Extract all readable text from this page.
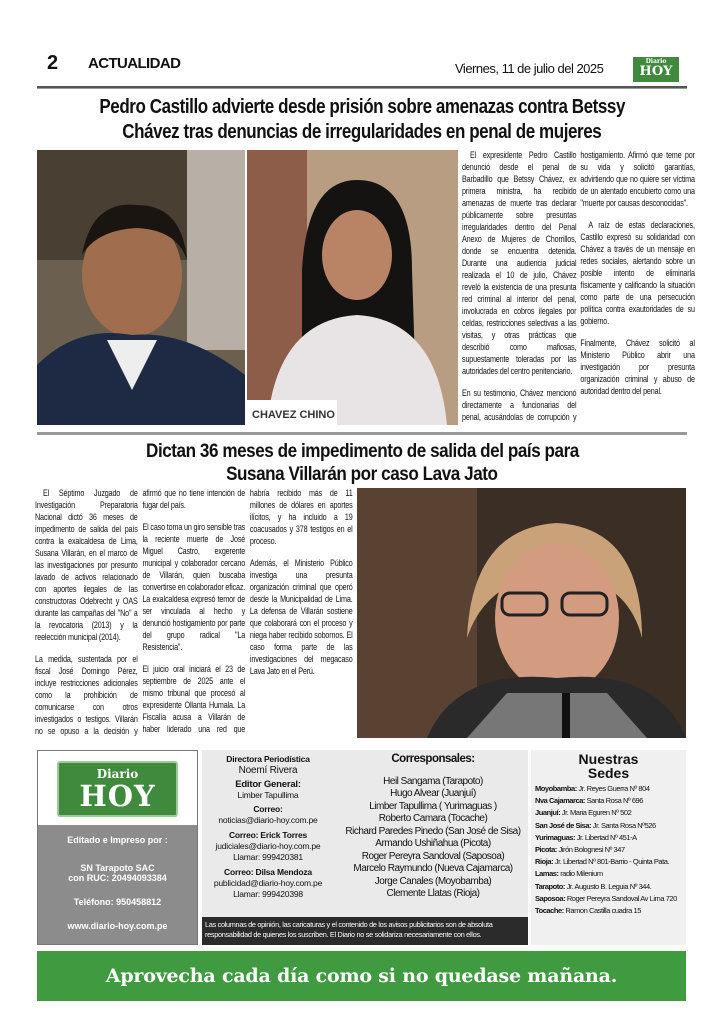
2 ACTUALIDAD	Viernes, 11 de julio del 2025	Diario
HOY
Pedro Castillo advierte desde prisión sobre amenazas contra Betssy
Chávez tras denuncias de irregularidades en penal de mujeres
CHAVEZ CHINO

El expresidente Pedro Castillo denunció desde el penal de Barbadillo que Betssy Chávez, ex primera ministra, ha recibido amenazas de muerte tras declarar públicamente sobre presuntas irregularidades dentro del Penal Anexo de Mujeres de Chorrillos, donde se encuentra detenida. Durante una audiencia judicial realizada el 10 de julio, Chávez reveló la existencia de una presunta red criminal al interior del penal, involucrada en cobros ilegales por celdas, restricciones selectivas a las visitas, y otras prácticas que describió como mafiosas, supuestamente toleradas por las autoridades del centro penitenciario.

En su testimonio, Chávez mencionó directamente a funcionarias del penal, acusándolas de corrupción y hostigamiento. Afirmó que teme por su vida y solicitó garantías, advirtiendo que no quiere ser víctima de un atentado encubierto como una "muerte por causas desconocidas".

A raíz de estas declaraciones, Castillo expresó su solidaridad con Chávez a través de un mensaje en redes sociales, alertando sobre un posible intento de eliminarla físicamente y calificando la situación como parte de una persecución política contra exautoridades de su gobierno.

Finalmente, Chávez solicitó al Ministerio Público abrir una investigación por presunta organización criminal y abuso de autoridad dentro del penal.

Dictan 36 meses de impedimento de salida del país para
Susana Villarán por caso Lava Jato

El Séptimo Juzgado de Investigación Preparatoria Nacional dictó 36 meses de impedimento de salida del país contra la exalcaldesa de Lima, Susana Villarán, en el marco de las investigaciones por presunto lavado de activos relacionado con aportes ilegales de las constructoras Odebrecht y OAS durante las campañas del "No" a la revocatoria (2013) y la reelección municipal (2014).

La medida, sustentada por el fiscal José Domingo Pérez, incluye restricciones adicionales como la prohibición de comunicarse con otros investigados o testigos. Villarán no se opuso a la decisión y afirmó que no tiene intención de fugar del país.

El caso toma un giro sensible tras la reciente muerte de José Miguel Castro, exgerente municipal y colaborador cercano de Villarán, quien buscaba convertirse en colaborador eficaz. La exalcaldesa expresó temor de ser vinculada al hecho y denunció hostigamiento por parte del grupo radical "La Resistencia".

El juicio oral iniciará el 23 de septiembre de 2025 ante el mismo tribunal que procesó al expresidente Ollanta Humala. La Fiscalía acusa a Villarán de haber liderado una red que habría recibido más de 11 millones de dólares en aportes ilícitos, y ha incluido a 19 coacusados y 378 testigos en el proceso.

Además, el Ministerio Público investiga una presunta organización criminal que operó desde la Municipalidad de Lima. La defensa de Villarán sostiene que colaborará con el proceso y niega haber recibido sobornos. El caso forma parte de las investigaciones del megacaso Lava Jato en el Perú.

Diario
HOY
Editado e Impreso por :
SN Tarapoto SAC
con RUC: 20494093384
Teléfono: 950458812
www.diario-hoy.com.pe
Directora Periodística
Noemí Rivera
Editor General:
Limber Tapullima
Correo:
noticias@diario-hoy.com.pe
Correo: Erick Torres
judiciales@diario-hoy.com.pe
Llamar: 999420381
Correo: Dilsa Mendoza
publicidad@diario-hoy.com.pe
Llamar: 999420398
Corresponsales:
Heil Sangama (Tarapoto)
Hugo Alvear (Juanjuí)
Limber Tapullima ( Yurimaguas )
Roberto Camara (Tocache)
Richard Paredes Pinedo (San José de Sisa)
Armando Ushiñahua (Picota)
Roger Pereyra Sandoval (Saposoa)
Marcelo Raymundo (Nueva Cajamarca)
Jorge Canales (Moyobamba)
Clemente Llatas (Rioja)
Las columnas de opinión, las caricaturas y el contenido de los avisos publicitarios son de absoluta responsabilidad de quienes los suscriben. El Diario no se solidariza necesariamente con ellos.
Nuestras
Sedes
Moyobamba: Jr. Reyes Guerra Nº 804
Nva Cajamarca: Santa Rosa Nº 696
Juanjuí: Jr. Maria Eguren Nº 502
San José de Sisa: Jr. Santa Rosa Nº526
Yurimaguas: Jr. Libertad Nº 451-A
Picota: Jirón Bolognesi Nº 347
Rioja: Jr. Libertad Nº 801-Barrio - Quinta Pata.
Lamas: radio Milenium
Tarapoto: Jr. Augusto B. Leguia Nº 344.
Saposoa: Roger Pereyra Sandoval Av Lima 720
Tocache: Ramon Castilla cuadra 15
Aprovecha cada día como si no quedase mañana.
